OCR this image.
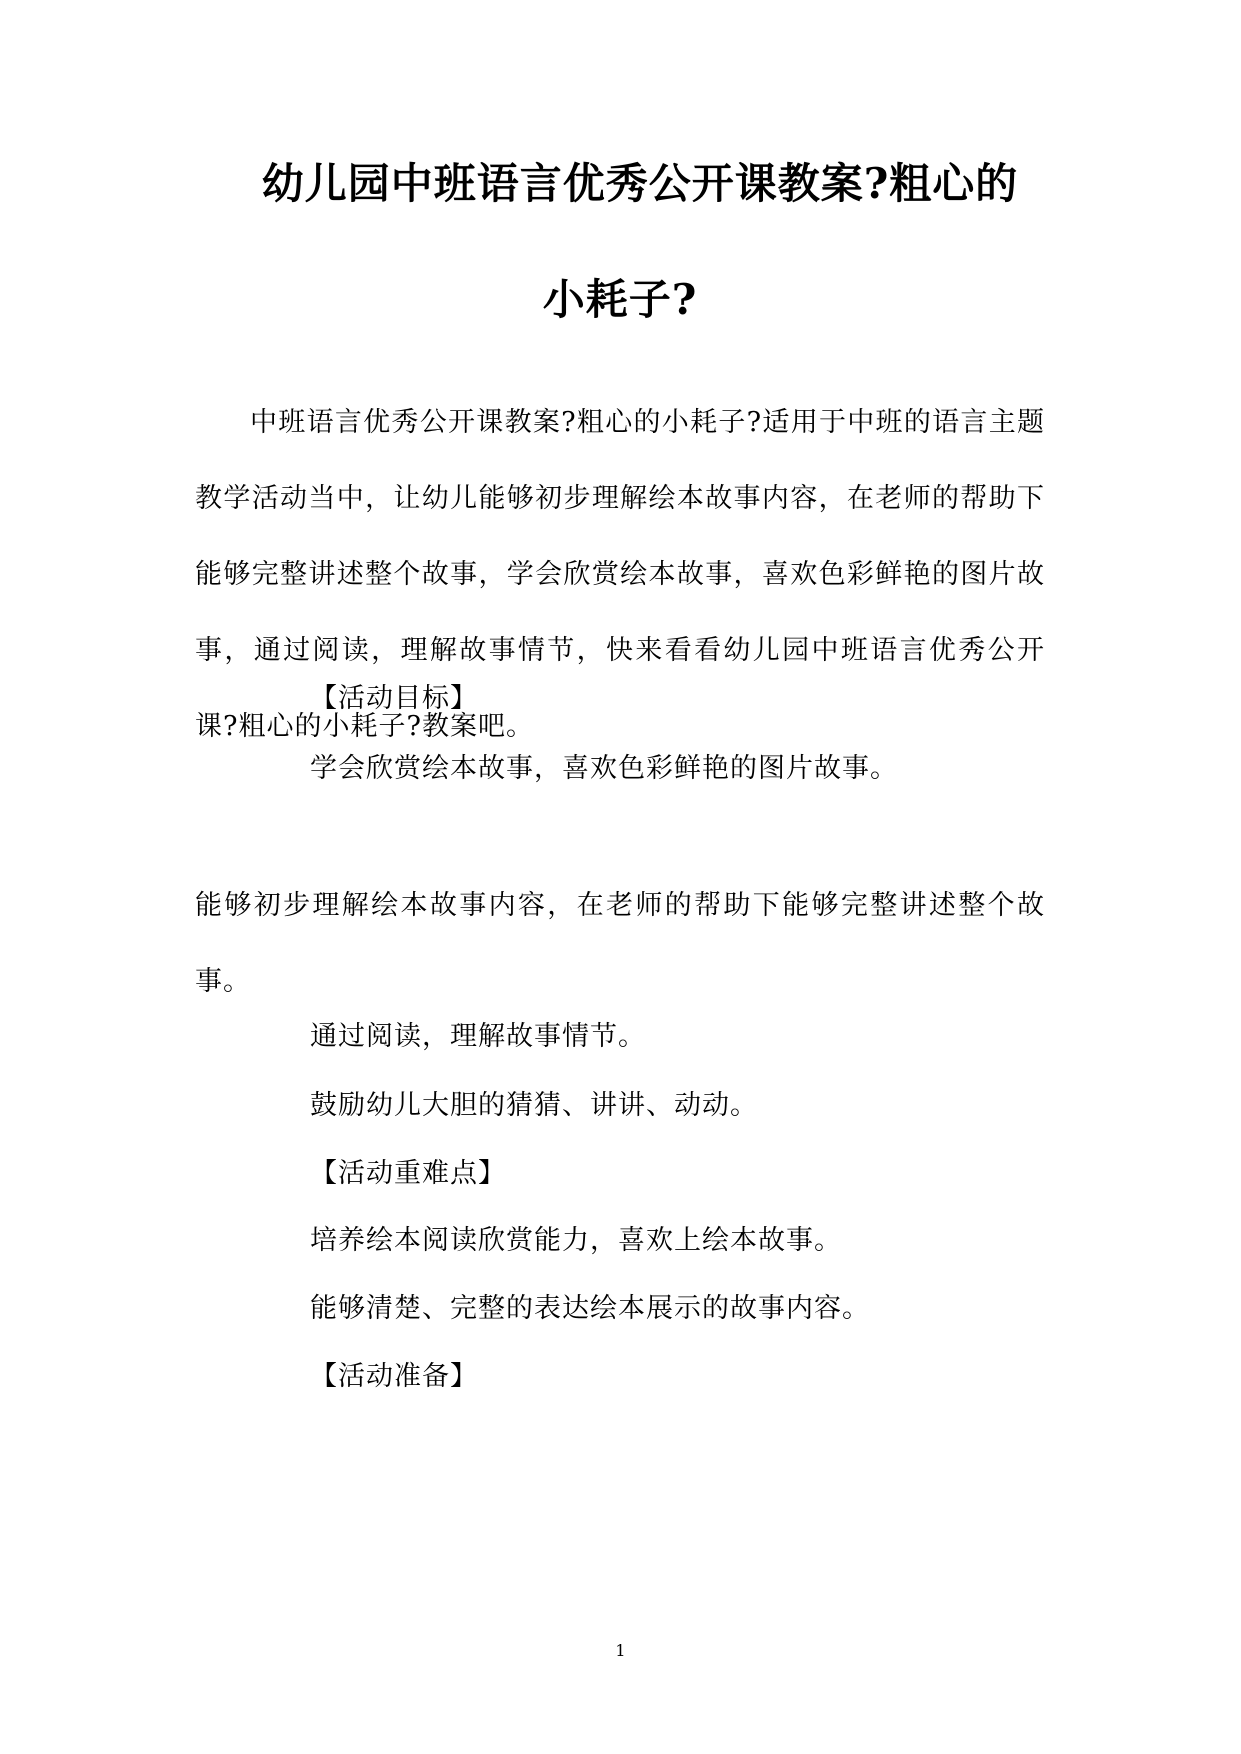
幼儿园中班语言优秀公开课教案?粗心的
小耗子?

中班语言优秀公开课教案?粗心的小耗子?适用于中班的语言主题教学活动当中，让幼儿能够初步理解绘本故事内容，在老师的帮助下能够完整讲述整个故事，学会欣赏绘本故事，喜欢色彩鲜艳的图片故事，通过阅读，理解故事情节，快来看看幼儿园中班语言优秀公开课?粗心的小耗子?教案吧。

【活动目标】
学会欣赏绘本故事，喜欢色彩鲜艳的图片故事。

能够初步理解绘本故事内容，在老师的帮助下能够完整讲述整个故事。

通过阅读，理解故事情节。
鼓励幼儿大胆的猜猜、讲讲、动动。
【活动重难点】
培养绘本阅读欣赏能力，喜欢上绘本故事。
能够清楚、完整的表达绘本展示的故事内容。
【活动准备】
1
